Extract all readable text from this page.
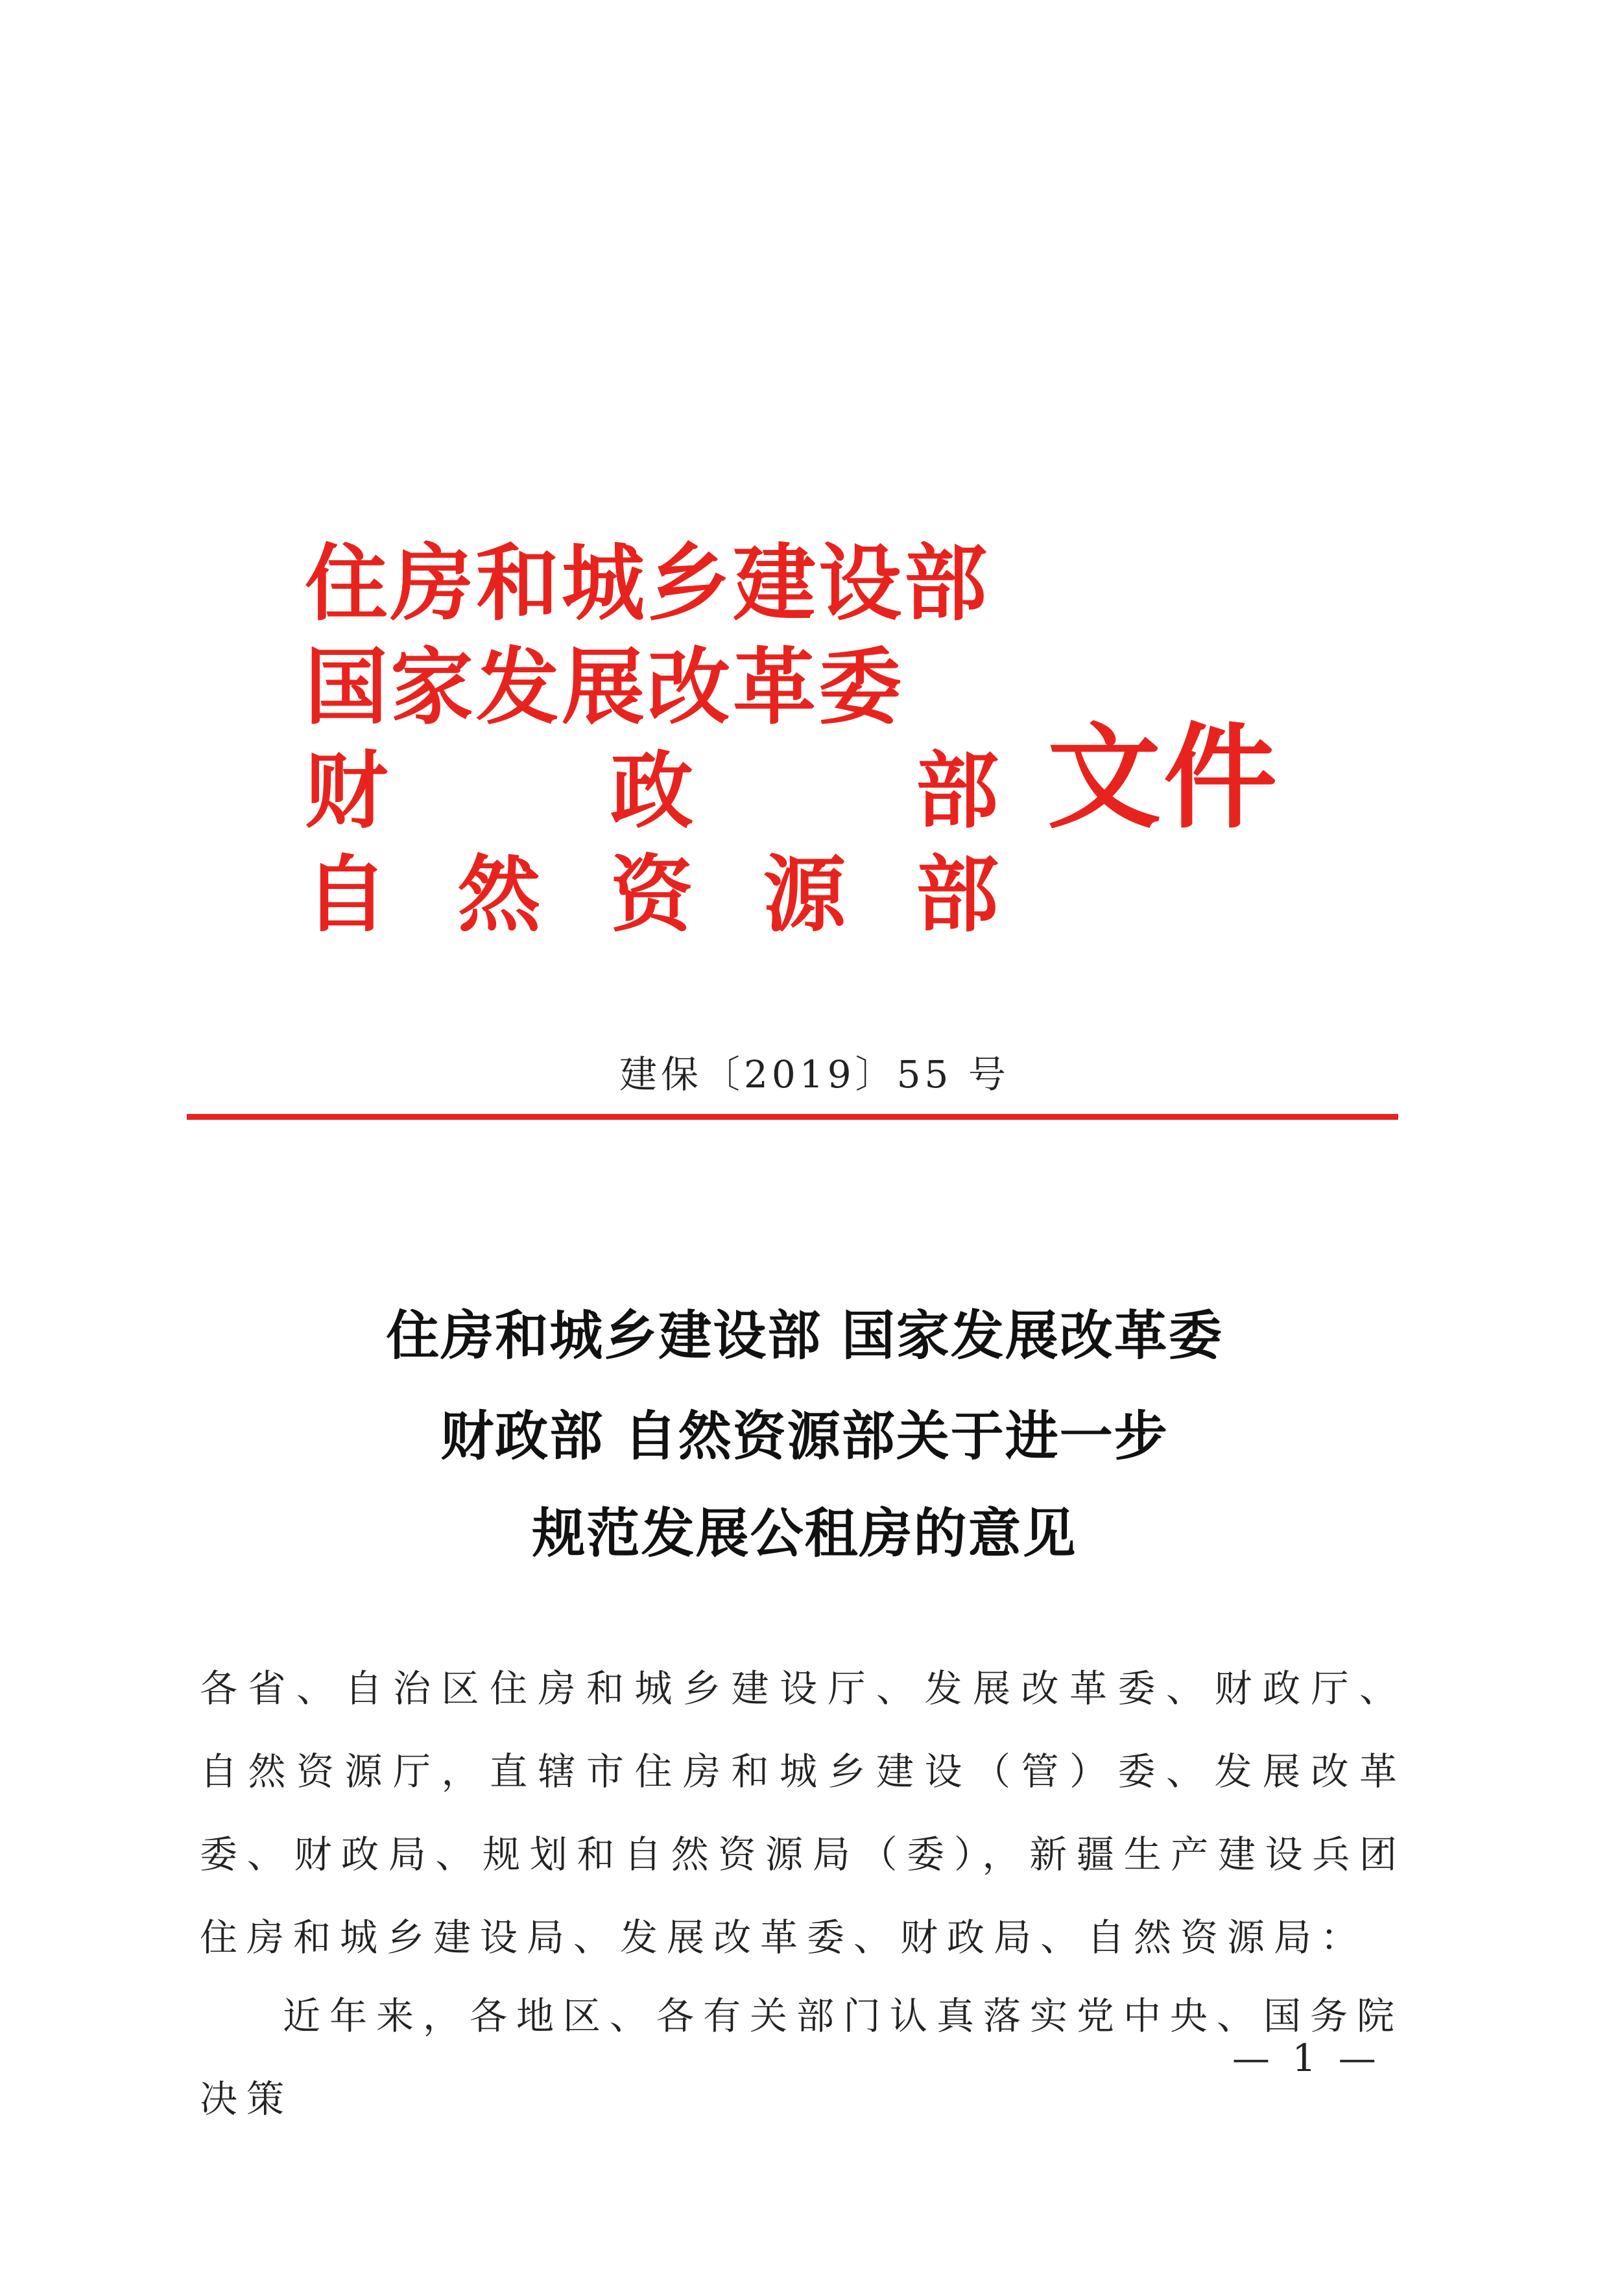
住房和城乡建设部
国家发展改革委
财	政	部
自 然 资 源 部
文件
建保〔2019〕55 号
住房和城乡建设部 国家发展改革委
财政部 自然资源部关于进一步
规范发展公租房的意见
各省、自治区住房和城乡建设厅、发展改革委、财政厅、自然资源厅，直辖市住房和城乡建设（管）委、发展改革委、财政局、规划和自然资源局（委），新疆生产建设兵团住房和城乡建设局、发展改革委、财政局、自然资源局：
近年来，各地区、各有关部门认真落实党中央、国务院决策
— 1 —
